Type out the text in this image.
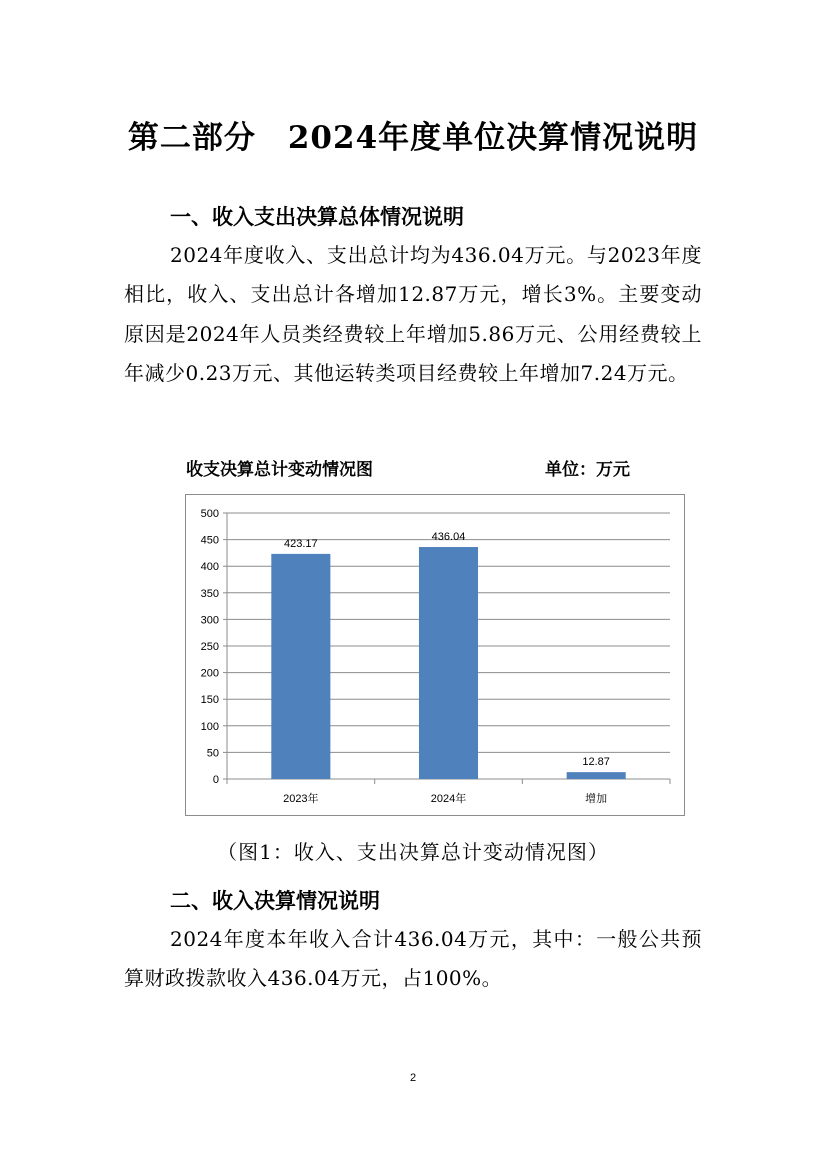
第二部分　2024年度单位决算情况说明
一、收入支出决算总体情况说明
2024年度收入、支出总计均为436.04万元。与2023年度相比，收入、支出总计各增加12.87万元，增长3%。主要变动原因是2024年人员类经费较上年增加5.86万元、公用经费较上年减少0.23万元、其他运转类项目经费较上年增加7.24万元。
收支决算总计变动情况图	单位：万元
0
50
100
150
200
250
300
350
400
450
500
423.17
2023年
436.04
2024年
12.87
增加
（图1：收入、支出决算总计变动情况图）
二、收入决算情况说明
2024年度本年收入合计436.04万元，其中：一般公共预算财政拨款收入436.04万元，占100%。
2
